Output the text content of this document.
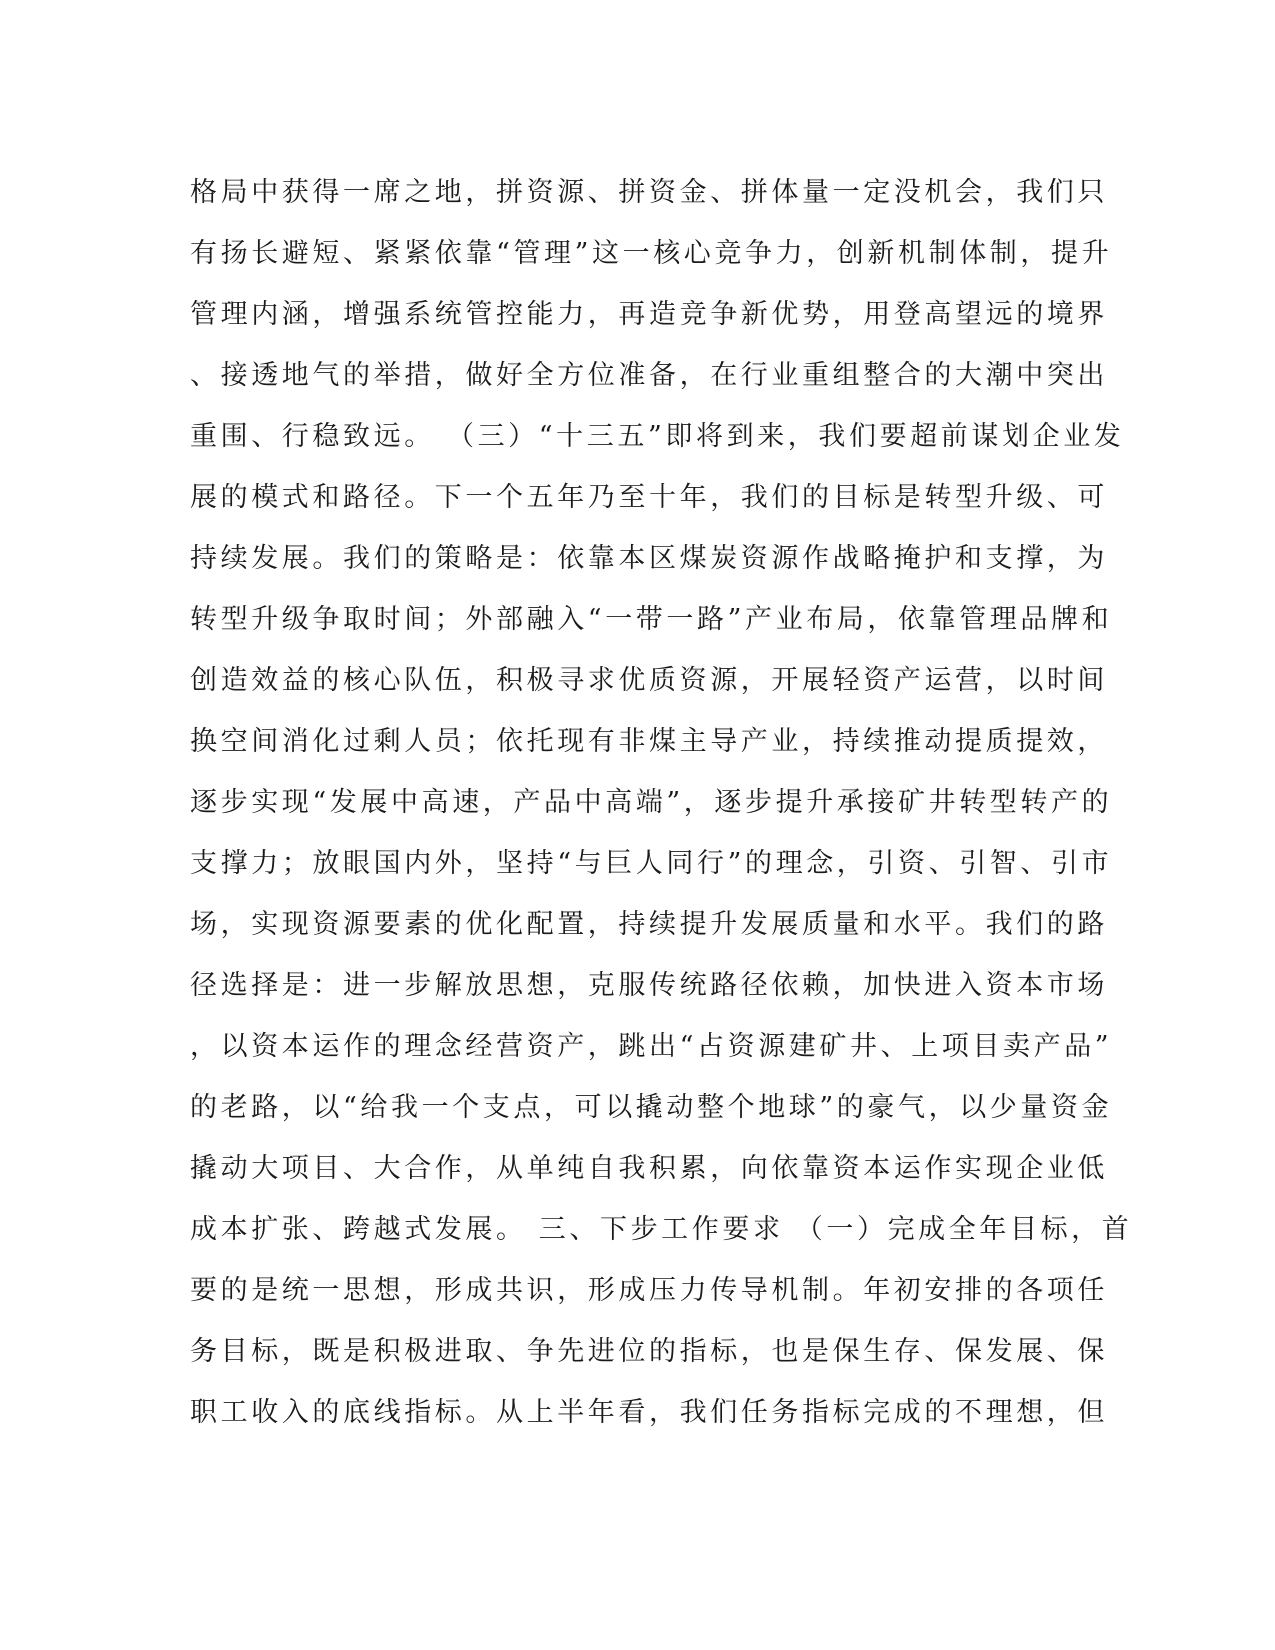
格局中获得一席之地，拼资源、拼资金、拼体量一定没机会，我们只
有扬长避短、紧紧依靠“管理”这一核心竞争力，创新机制体制，提升
管理内涵，增强系统管控能力，再造竞争新优势，用登高望远的境界
、接透地气的举措，做好全方位准备，在行业重组整合的大潮中突出
重围、行稳致远。 （三）“十三五”即将到来，我们要超前谋划企业发
展的模式和路径。下一个五年乃至十年，我们的目标是转型升级、可
持续发展。我们的策略是：依靠本区煤炭资源作战略掩护和支撑，为
转型升级争取时间；外部融入“一带一路”产业布局，依靠管理品牌和
创造效益的核心队伍，积极寻求优质资源，开展轻资产运营，以时间
换空间消化过剩人员；依托现有非煤主导产业，持续推动提质提效，
逐步实现“发展中高速，产品中高端”，逐步提升承接矿井转型转产的
支撑力；放眼国内外，坚持“与巨人同行”的理念，引资、引智、引市
场，实现资源要素的优化配置，持续提升发展质量和水平。我们的路
径选择是：进一步解放思想，克服传统路径依赖，加快进入资本市场
，以资本运作的理念经营资产，跳出“占资源建矿井、上项目卖产品”
的老路，以“给我一个支点，可以撬动整个地球”的豪气，以少量资金
撬动大项目、大合作，从单纯自我积累，向依靠资本运作实现企业低
成本扩张、跨越式发展。 三、下步工作要求 （一）完成全年目标，首
要的是统一思想，形成共识，形成压力传导机制。年初安排的各项任
务目标，既是积极进取、争先进位的指标，也是保生存、保发展、保
职工收入的底线指标。从上半年看，我们任务指标完成的不理想，但
